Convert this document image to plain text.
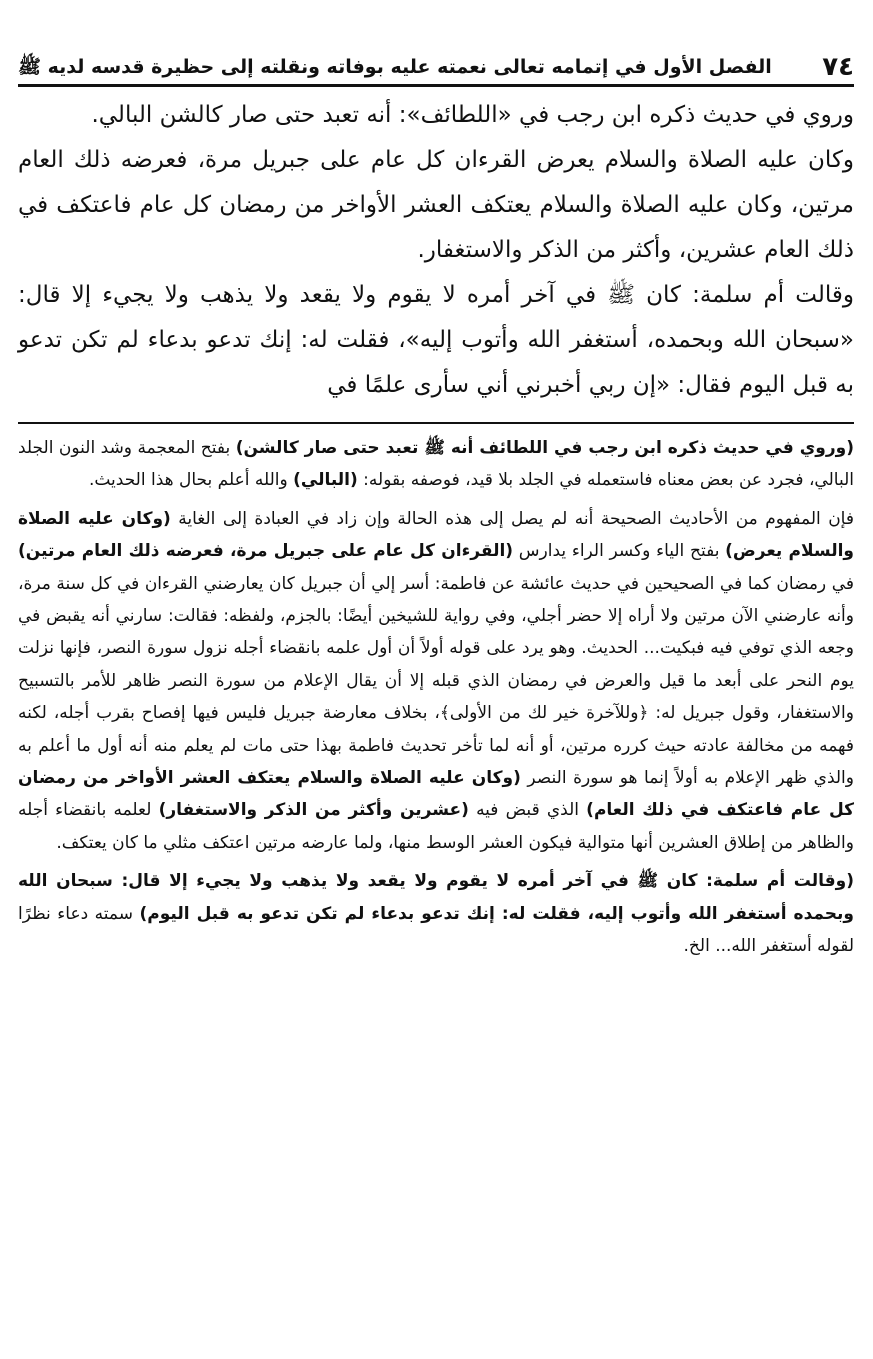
٧٤
الفصل الأول في إتمامه تعالى نعمته عليه بوفاته ونقلته إلى حظيرة قدسه لديه ﷺ

وروي في حديث ذكره ابن رجب في «اللطائف»: أنه تعبد حتى صار كالشن البالي.

وكان عليه الصلاة والسلام يعرض القرءان كل عام على جبريل مرة، فعرضه ذلك العام مرتين، وكان عليه الصلاة والسلام يعتكف العشر الأواخر من رمضان كل عام فاعتكف في ذلك العام عشرين، وأكثر من الذكر والاستغفار.

وقالت أم سلمة: كان ﷺ في آخر أمره لا يقوم ولا يقعد ولا يذهب ولا يجيء إلا قال: «سبحان الله وبحمده، أستغفر الله وأتوب إليه»، فقلت له: إنك تدعو بدعاء لم تكن تدعو به قبل اليوم فقال: «إن ربي أخبرني أني سأرى علمًا في

(وروي في حديث ذكره ابن رجب في اللطائف أنه ﷺ تعبد حتى صار كالشن) بفتح المعجمة وشد النون الجلد البالي، فجرد عن بعض معناه فاستعمله في الجلد بلا قيد، فوصفه بقوله: (البالي) والله أعلم بحال هذا الحديث.

فإن المفهوم من الأحاديث الصحيحة أنه لم يصل إلى هذه الحالة وإن زاد في العبادة إلى الغاية (وكان عليه الصلاة والسلام يعرض) بفتح الياء وكسر الراء يدارس (القرءان كل عام على جبريل مرة، فعرضه ذلك العام مرتين) في رمضان كما في الصحيحين في حديث عائشة عن فاطمة: أسر إلي أن جبريل كان يعارضني القرءان في كل سنة مرة، وأنه عارضني الآن مرتين ولا أراه إلا حضر أجلي، وفي رواية للشيخين أيضًا: بالجزم، ولفظه: فقالت: سارني أنه يقبض في وجعه الذي توفي فيه فبكيت... الحديث. وهو يرد على قوله أولاً أن أول علمه بانقضاء أجله نزول سورة النصر، فإنها نزلت يوم النحر على أبعد ما قيل والعرض في رمضان الذي قبله إلا أن يقال الإعلام من سورة النصر ظاهر للأمر بالتسبيح والاستغفار، وقول جبريل له: ﴿وللآخرة خير لك من الأولى﴾، بخلاف معارضة جبريل فليس فيها إفصاح بقرب أجله، لكنه فهمه من مخالفة عادته حيث كرره مرتين، أو أنه لما تأخر تحديث فاطمة بهذا حتى مات لم يعلم منه أنه أول ما أعلم به والذي ظهر الإعلام به أولاً إنما هو سورة النصر (وكان عليه الصلاة والسلام يعتكف العشر الأواخر من رمضان كل عام فاعتكف في ذلك العام) الذي قبض فيه (عشرين وأكثر من الذكر والاستغفار) لعلمه بانقضاء أجله والظاهر من إطلاق العشرين أنها متوالية فيكون العشر الوسط منها، ولما عارضه مرتين اعتكف مثلي ما كان يعتكف.

(وقالت أم سلمة: كان ﷺ في آخر أمره لا يقوم ولا يقعد ولا يذهب ولا يجيء إلا قال: سبحان الله وبحمده أستغفر الله وأتوب إليه، فقلت له: إنك تدعو بدعاء لم تكن تدعو به قبل اليوم) سمته دعاء نظرًا لقوله أستغفر الله... الخ.
